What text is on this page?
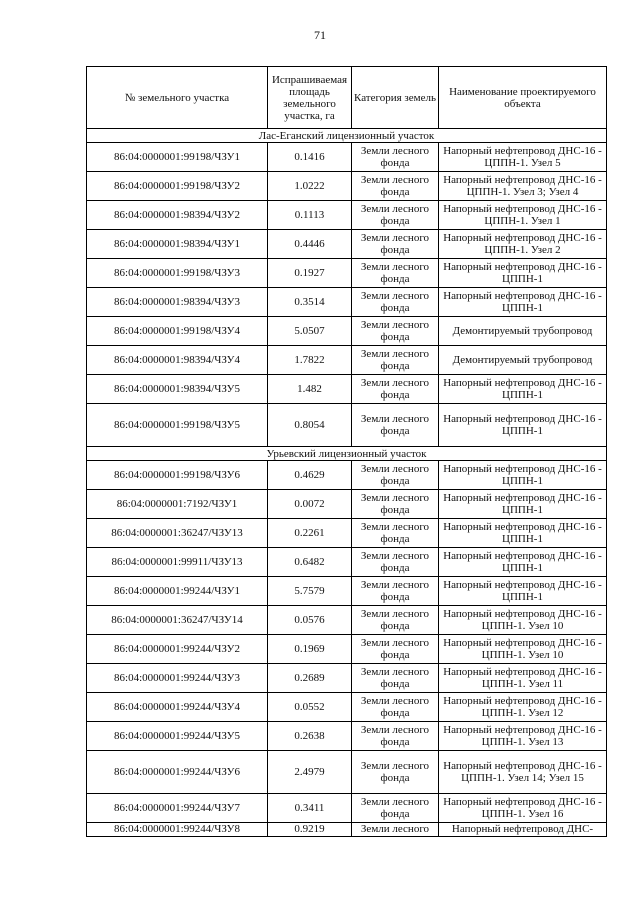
71
№ земельного участка	Испрашиваемая площадь земельного участка, га	Категория земель	Наименование проектируемого объекта
Лас-Еганский лицензионный участок			
86:04:0000001:99198/ЧЗУ1	0.1416	Земли лесного фонда	Напорный нефтепровод ДНС-16 - ЦППН-1. Узел 5
86:04:0000001:99198/ЧЗУ2	1.0222	Земли лесного фонда	Напорный нефтепровод ДНС-16 - ЦППН-1. Узел 3; Узел 4
86:04:0000001:98394/ЧЗУ2	0.1113	Земли лесного фонда	Напорный нефтепровод ДНС-16 - ЦППН-1. Узел 1
86:04:0000001:98394/ЧЗУ1	0.4446	Земли лесного фонда	Напорный нефтепровод ДНС-16 - ЦППН-1. Узел 2
86:04:0000001:99198/ЧЗУ3	0.1927	Земли лесного фонда	Напорный нефтепровод ДНС-16 - ЦППН-1
86:04:0000001:98394/ЧЗУ3	0.3514	Земли лесного фонда	Напорный нефтепровод ДНС-16 - ЦППН-1
86:04:0000001:99198/ЧЗУ4	5.0507	Земли лесного фонда	Демонтируемый трубопровод
86:04:0000001:98394/ЧЗУ4	1.7822	Земли лесного фонда	Демонтируемый трубопровод
86:04:0000001:98394/ЧЗУ5	1.482	Земли лесного фонда	Напорный нефтепровод ДНС-16 - ЦППН-1
86:04:0000001:99198/ЧЗУ5	0.8054	Земли лесного фонда	Напорный нефтепровод ДНС-16 - ЦППН-1
Урьевский лицензионный участок			
86:04:0000001:99198/ЧЗУ6	0.4629	Земли лесного фонда	Напорный нефтепровод ДНС-16 - ЦППН-1
86:04:0000001:7192/ЧЗУ1	0.0072	Земли лесного фонда	Напорный нефтепровод ДНС-16 - ЦППН-1
86:04:0000001:36247/ЧЗУ13	0.2261	Земли лесного фонда	Напорный нефтепровод ДНС-16 - ЦППН-1
86:04:0000001:99911/ЧЗУ13	0.6482	Земли лесного фонда	Напорный нефтепровод ДНС-16 - ЦППН-1
86:04:0000001:99244/ЧЗУ1	5.7579	Земли лесного фонда	Напорный нефтепровод ДНС-16 - ЦППН-1
86:04:0000001:36247/ЧЗУ14	0.0576	Земли лесного фонда	Напорный нефтепровод ДНС-16 - ЦППН-1. Узел 10
86:04:0000001:99244/ЧЗУ2	0.1969	Земли лесного фонда	Напорный нефтепровод ДНС-16 - ЦППН-1. Узел 10
86:04:0000001:99244/ЧЗУ3	0.2689	Земли лесного фонда	Напорный нефтепровод ДНС-16 - ЦППН-1. Узел 11
86:04:0000001:99244/ЧЗУ4	0.0552	Земли лесного фонда	Напорный нефтепровод ДНС-16 - ЦППН-1. Узел 12
86:04:0000001:99244/ЧЗУ5	0.2638	Земли лесного фонда	Напорный нефтепровод ДНС-16 - ЦППН-1. Узел 13
86:04:0000001:99244/ЧЗУ6	2.4979	Земли лесного фонда	Напорный нефтепровод ДНС-16 - ЦППН-1. Узел 14; Узел 15
86:04:0000001:99244/ЧЗУ7	0.3411	Земли лесного фонда	Напорный нефтепровод ДНС-16 - ЦППН-1. Узел 16
86:04:0000001:99244/ЧЗУ8	0.9219	Земли лесного	Напорный нефтепровод ДНС-
